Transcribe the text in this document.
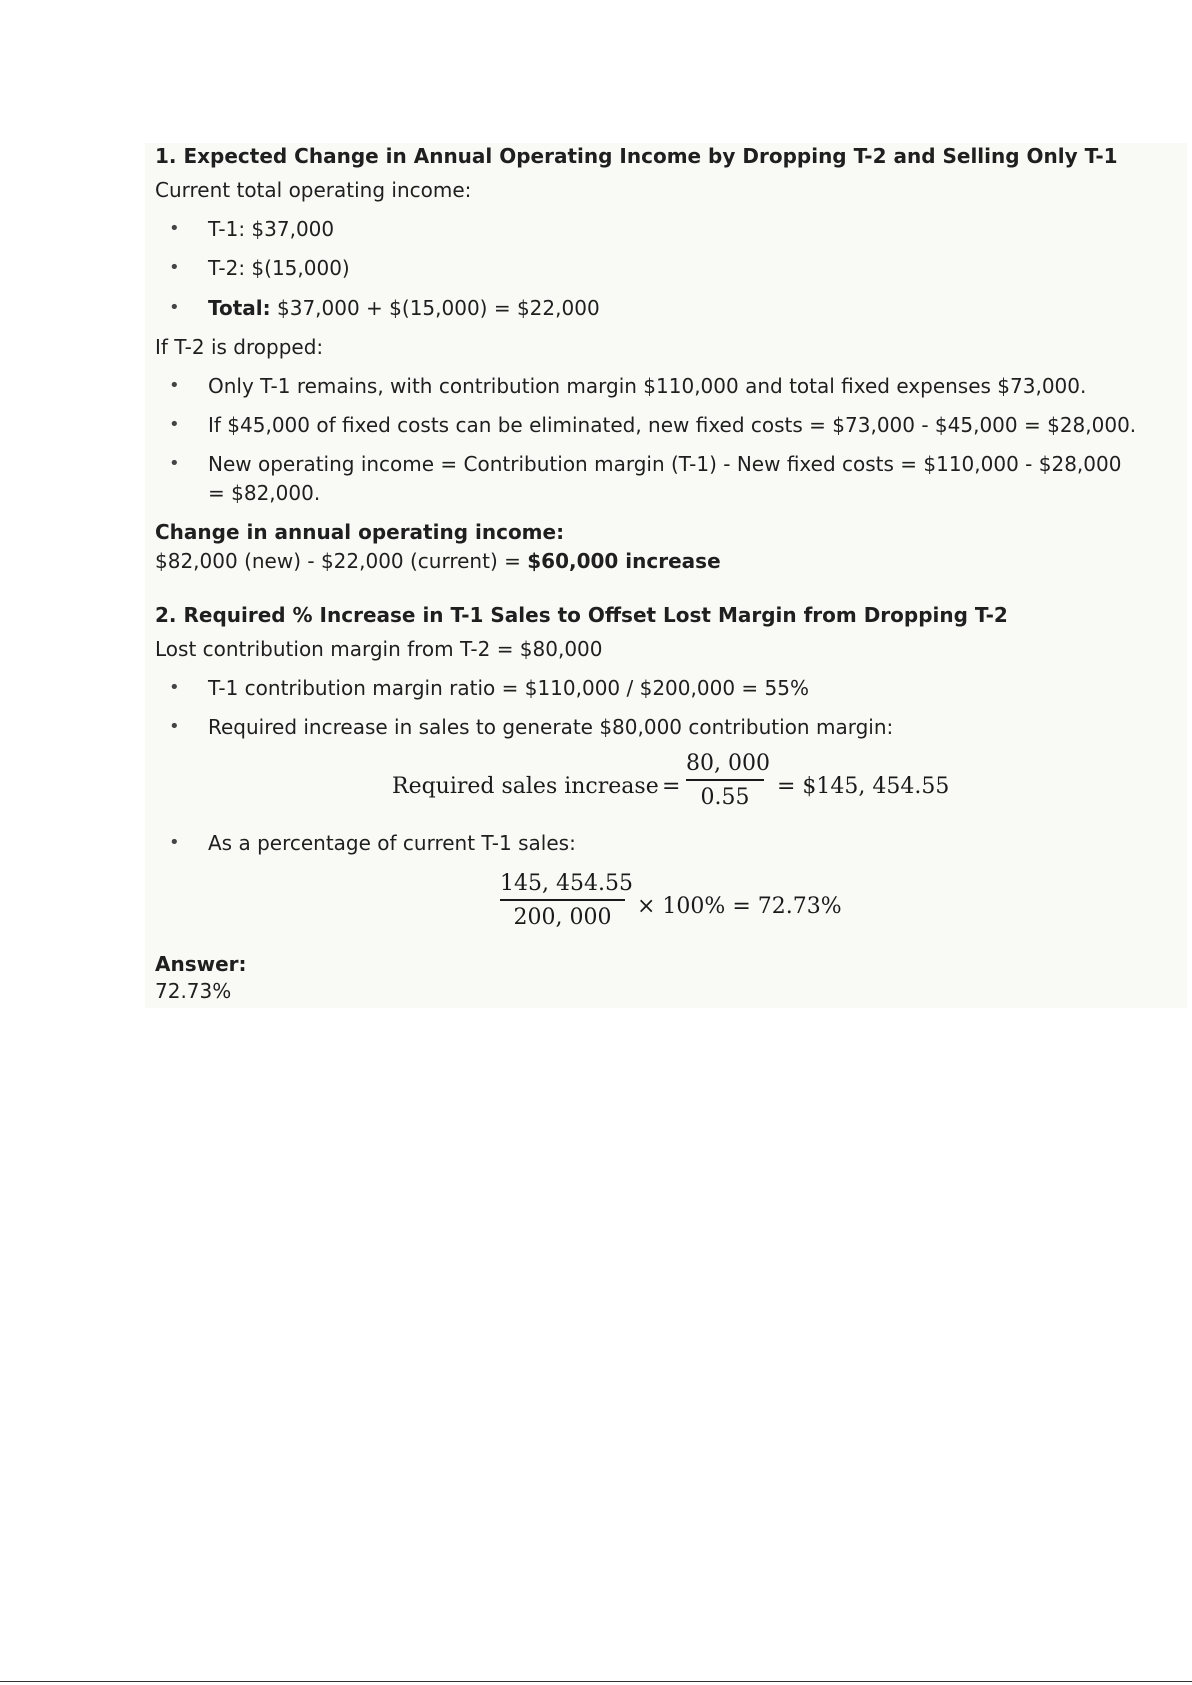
1. Expected Change in Annual Operating Income by Dropping T-2 and Selling Only T-1
Current total operating income:
• T-1: $37,000
• T-2: $(15,000)
• Total: $37,000 + $(15,000) = $22,000
If T-2 is dropped:
• Only T-1 remains, with contribution margin $110,000 and total fixed expenses $73,000.
• If $45,000 of fixed costs can be eliminated, new fixed costs = $73,000 - $45,000 = $28,000.
• New operating income = Contribution margin (T-1) - New fixed costs = $110,000 - $28,000
= $82,000.
Change in annual operating income:
$82,000 (new) - $22,000 (current) = $60,000 increase
2. Required % Increase in T-1 Sales to Offset Lost Margin from Dropping T-2
Lost contribution margin from T-2 = $80,000
• T-1 contribution margin ratio = $110,000 / $200,000 = 55%
• Required increase in sales to generate $80,000 contribution margin:
Required sales increase =
80, 000
0.55	= $145, 454.55
• As a percentage of current T-1 sales:
145, 454.55
200, 000	× 100% = 72.73%
Answer:
72.73%
